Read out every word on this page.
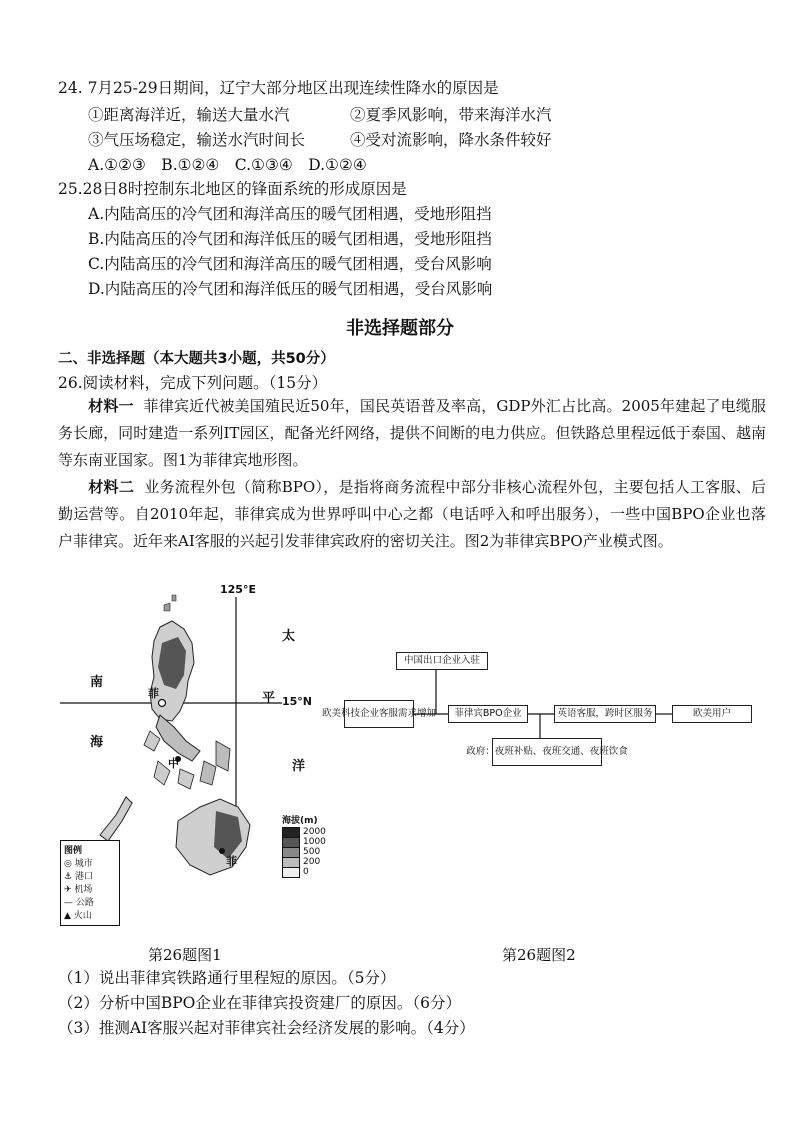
24. 7月25-29日期间，辽宁大部分地区出现连续性降水的原因是
①距离海洋近，输送大量水汽	②夏季风影响，带来海洋水汽
③气压场稳定，输送水汽时间长	④受对流影响，降水条件较好
A.①②③　B.①②④　C.①③④　D.①②④
25.28日8时控制东北地区的锋面系统的形成原因是
A.内陆高压的冷气团和海洋高压的暖气团相遇，受地形阻挡
B.内陆高压的冷气团和海洋低压的暖气团相遇，受地形阻挡
C.内陆高压的冷气团和海洋高压的暖气团相遇，受台风影响
D.内陆高压的冷气团和海洋低压的暖气团相遇，受台风影响
非选择题部分
二、非选择题（本大题共3小题，共50分）
26.阅读材料，完成下列问题。（15分）
材料一 菲律宾近代被美国殖民近50年，国民英语普及率高，GDP外汇占比高。2005年建起了电缆服务长廊，同时建造一系列IT园区，配备光纤网络，提供不间断的电力供应。但铁路总里程远低于泰国、越南等东南亚国家。图1为菲律宾地形图。
材料二 业务流程外包（简称BPO），是指将商务流程中部分非核心流程外包，主要包括人工客服、后勤运营等。自2010年起，菲律宾成为世界呼叫中心之都（电话呼入和呼出服务），一些中国BPO企业也落户菲律宾。近年来AI客服的兴起引发菲律宾政府的密切关注。图2为菲律宾BPO产业模式图。
125°E
15°N
南
海
太
平
洋
菲
中
菲
海拔(m)
2000
1000
500
200
0
图例
◎ 城市
⚓ 港口
✈ 机场
— 公路
▲ 火山
中国出口企业入驻
欧美科技企业客服需求增加	菲律宾BPO企业	英语客服，跨时区服务	欧美用户
政府：夜班补贴、夜班交通、夜班饮食
第26题图1	第26题图2
（1）说出菲律宾铁路通行里程短的原因。（5分）
（2）分析中国BPO企业在菲律宾投资建厂的原因。（6分）
（3）推测AI客服兴起对菲律宾社会经济发展的影响。（4分）
